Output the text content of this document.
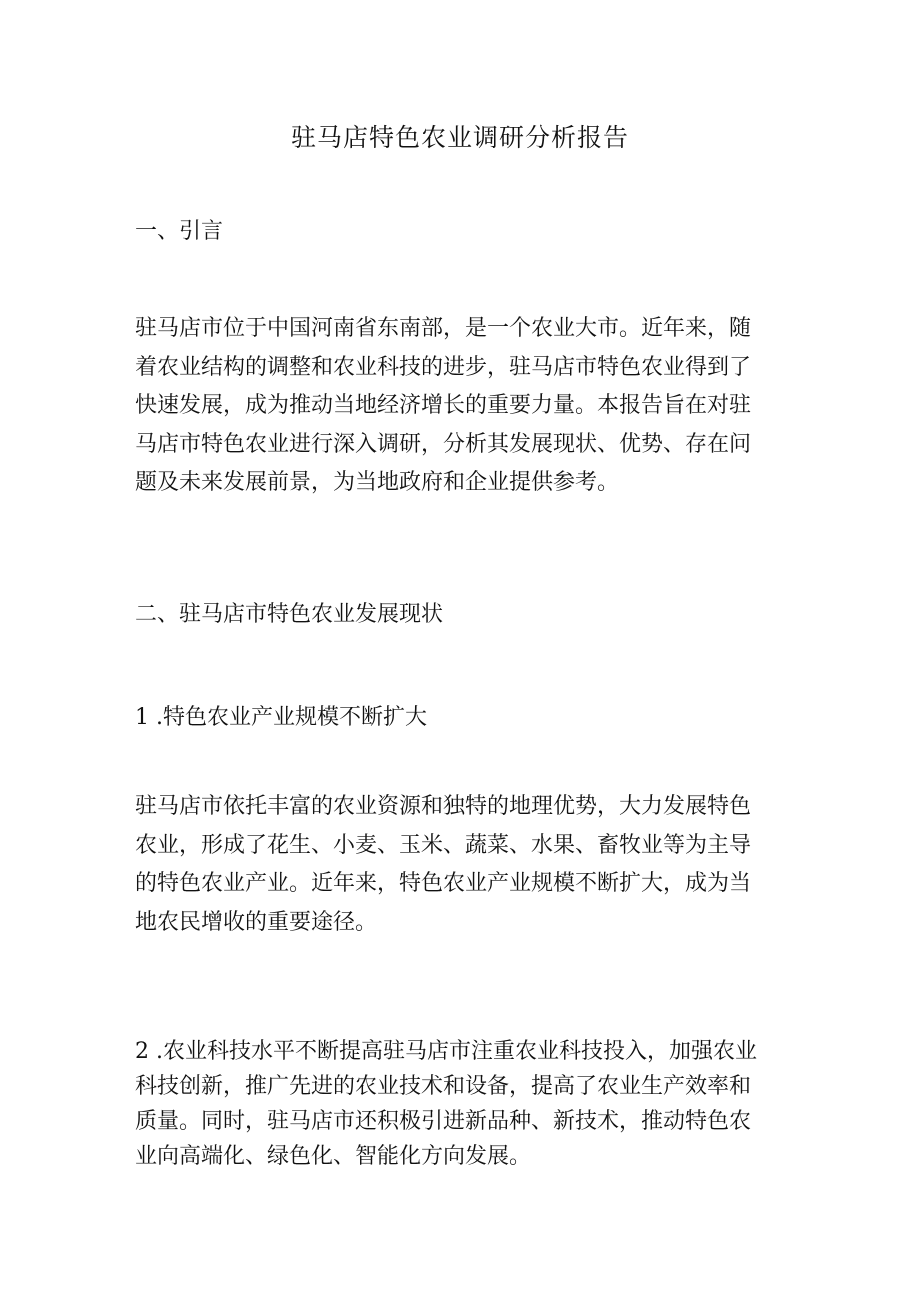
驻马店特色农业调研分析报告
一、引言

驻马店市位于中国河南省东南部，是一个农业大市。近年来，随
着农业结构的调整和农业科技的进步，驻马店市特色农业得到了
快速发展，成为推动当地经济增长的重要力量。本报告旨在对驻
马店市特色农业进行深入调研，分析其发展现状、优势、存在问
题及未来发展前景，为当地政府和企业提供参考。

二、驻马店市特色农业发展现状
1 .特色农业产业规模不断扩大

驻马店市依托丰富的农业资源和独特的地理优势，大力发展特色
农业，形成了花生、小麦、玉米、蔬菜、水果、畜牧业等为主导
的特色农业产业。近年来，特色农业产业规模不断扩大，成为当
地农民增收的重要途径。

2 .农业科技水平不断提高驻马店市注重农业科技投入，加强农业
科技创新，推广先进的农业技术和设备，提高了农业生产效率和
质量。同时，驻马店市还积极引进新品种、新技术，推动特色农
业向高端化、绿色化、智能化方向发展。
